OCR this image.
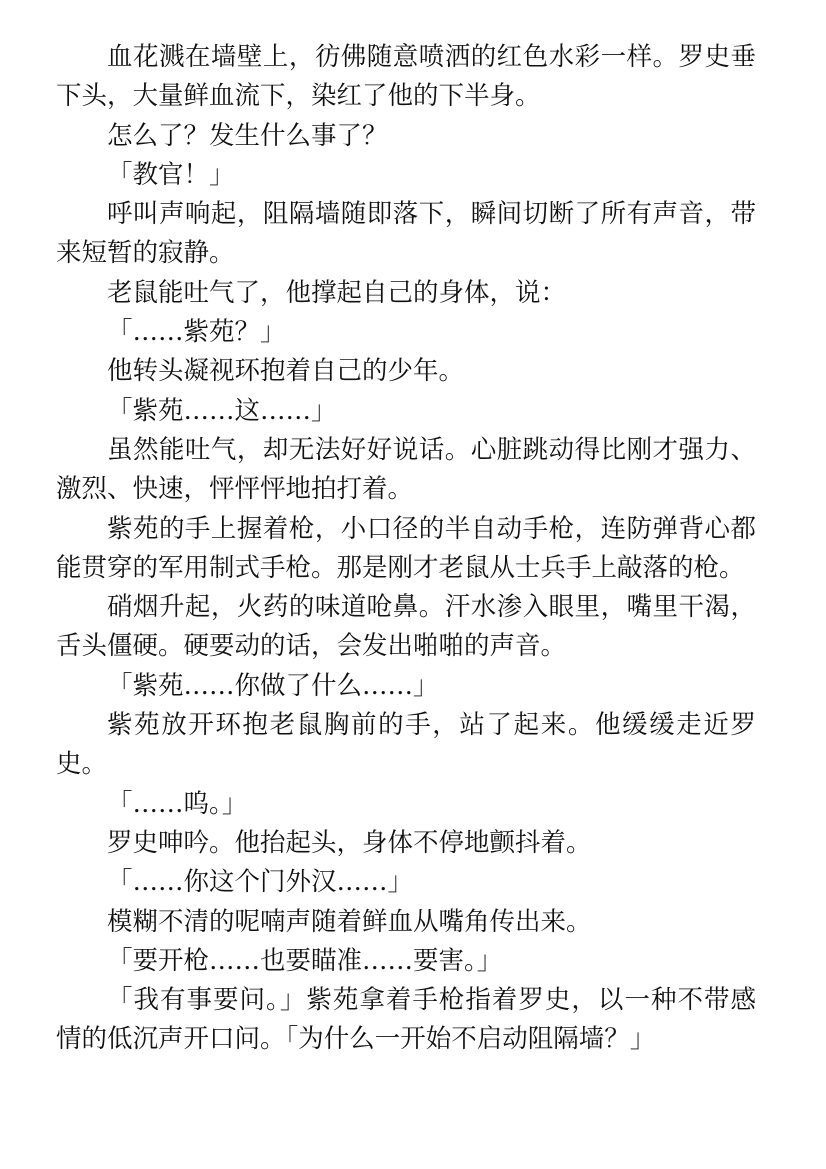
血花溅在墙壁上，彷佛随意喷洒的红色水彩一样。罗史垂下头，大量鲜血流下，染红了他的下半身。

怎么了？发生什么事了？

「教官！」

呼叫声响起，阻隔墙随即落下，瞬间切断了所有声音，带来短暂的寂静。

老鼠能吐气了，他撑起自己的身体，说：

「……紫苑？」

他转头凝视环抱着自己的少年。

「紫苑……这……」

虽然能吐气，却无法好好说话。心脏跳动得比刚才强力、激烈、快速，怦怦怦地拍打着。

紫苑的手上握着枪，小口径的半自动手枪，连防弹背心都能贯穿的军用制式手枪。那是刚才老鼠从士兵手上敲落的枪。

硝烟升起，火药的味道呛鼻。汗水渗入眼里，嘴里干渴，舌头僵硬。硬要动的话，会发出啪啪的声音。

「紫苑……你做了什么……」

紫苑放开环抱老鼠胸前的手，站了起来。他缓缓走近罗史。

「……呜。」

罗史呻吟。他抬起头，身体不停地颤抖着。

「……你这个门外汉……」

模糊不清的呢喃声随着鲜血从嘴角传出来。

「要开枪……也要瞄准……要害。」

「我有事要问。」紫苑拿着手枪指着罗史，以一种不带感情的低沉声开口问。「为什么一开始不启动阻隔墙？」
